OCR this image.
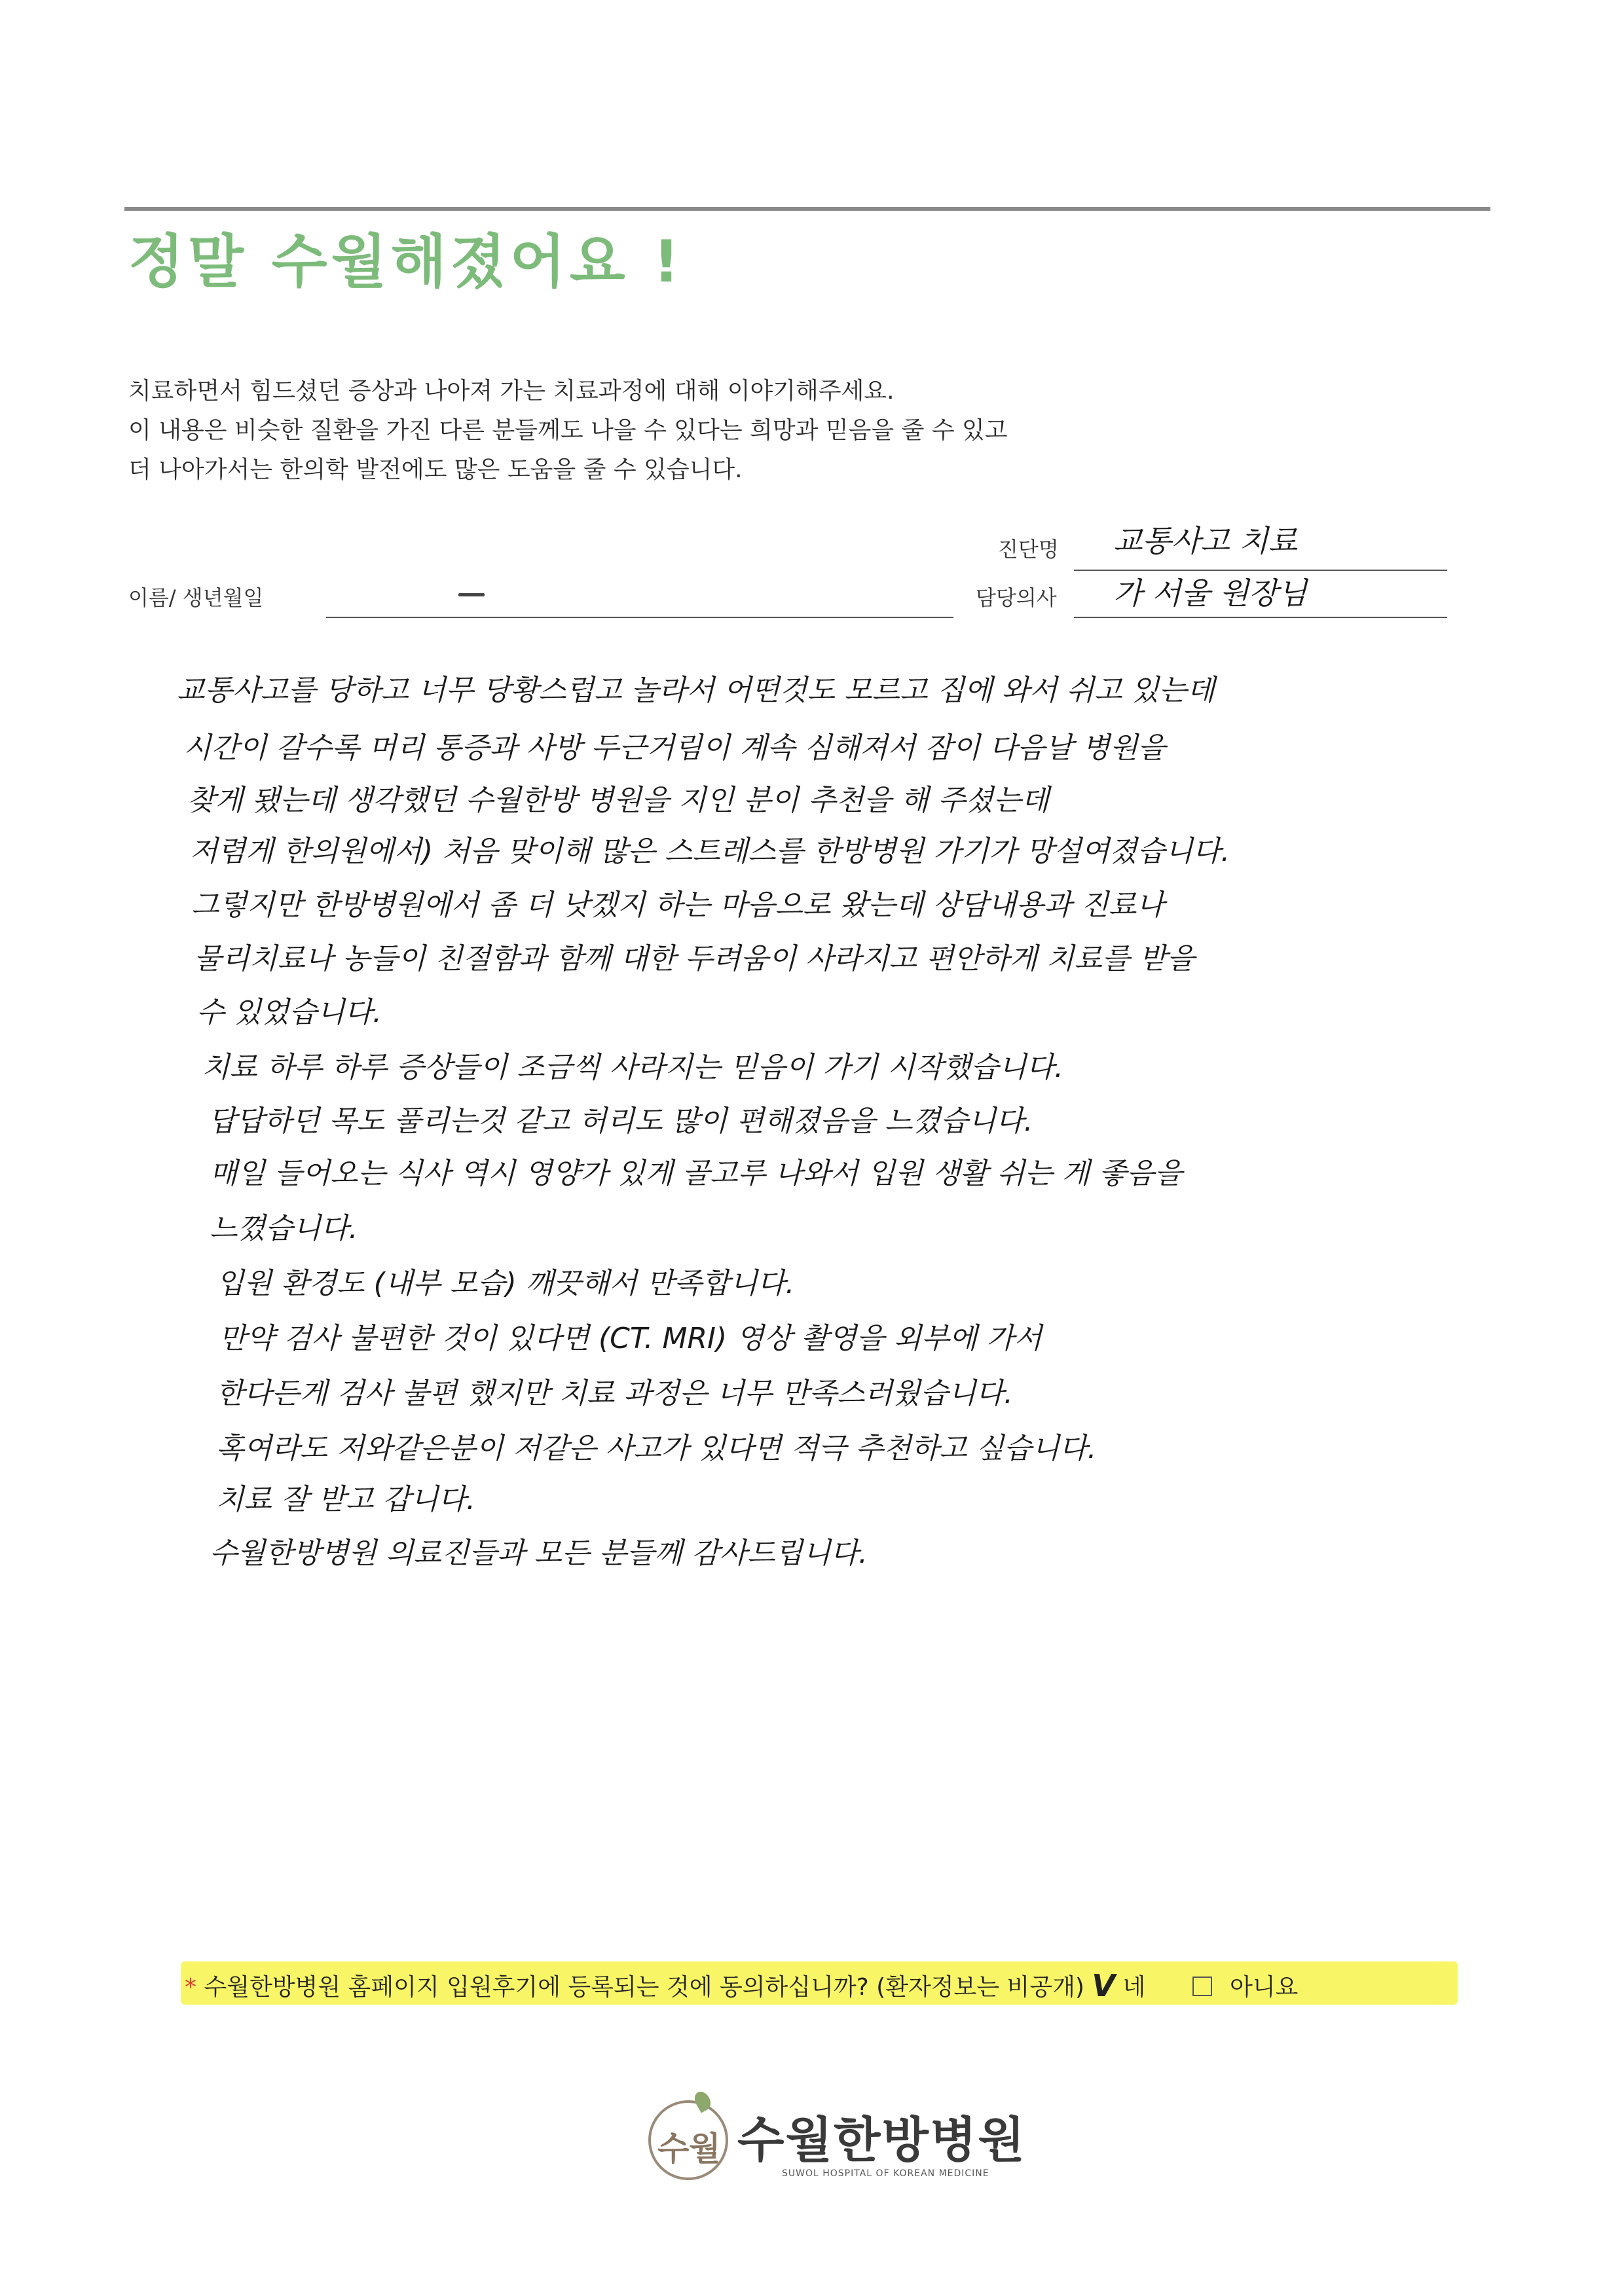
정말 수월해졌어요 !
치료하면서 힘드셨던 증상과 나아져 가는 치료과정에 대해 이야기해주세요.
이 내용은 비슷한 질환을 가진 다른 분들께도 나을 수 있다는 희망과 믿음을 줄 수 있고
더 나아가서는 한의학 발전에도 많은 도움을 줄 수 있습니다.
진단명 교통사고 치료
이름/ 생년월일	담당의사 가 서울 원장님
교통사고를 당하고 너무 당황스럽고 놀라서 어떤것도 모르고 집에 와서 쉬고 있는데
시간이 갈수록 머리 통증과 사방 두근거림이 계속 심해져서 잠이 다음날 병원을
찾게 됐는데 생각했던 수월한방 병원을 지인 분이 추천을 해 주셨는데
저렴게 한의원에서) 처음 맞이해 많은 스트레스를 한방병원 가기가 망설여졌습니다.
그렇지만 한방병원에서 좀 더 낫겠지 하는 마음으로 왔는데 상담내용과 진료나
물리치료나 농들이 친절함과 함께 대한 두려움이 사라지고 편안하게 치료를 받을
수 있었습니다.
치료 하루 하루 증상들이 조금씩 사라지는 믿음이 가기 시작했습니다.
답답하던 목도 풀리는것 같고 허리도 많이 편해졌음을 느꼈습니다.
매일 들어오는 식사 역시 영양가 있게 골고루 나와서 입원 생활 쉬는 게 좋음을
느꼈습니다.
입원 환경도 (내부 모습) 깨끗해서 만족합니다.
만약 검사 불편한 것이 있다면 (CT. MRI) 영상 촬영을 외부에 가서
한다든게 검사 불편 했지만 치료 과정은 너무 만족스러웠습니다.
혹여라도 저와같은분이 저같은 사고가 있다면 적극 추천하고 싶습니다.
치료 잘 받고 갑니다.
수월한방병원 의료진들과 모든 분들께 감사드립니다.
* 수월한방병원 홈페이지 입원후기에 등록되는 것에 동의하십니까? (환자정보는 비공개) V 네	아니요
수월 수월한방병원
SUWOL HOSPITAL OF KOREAN MEDICINE
